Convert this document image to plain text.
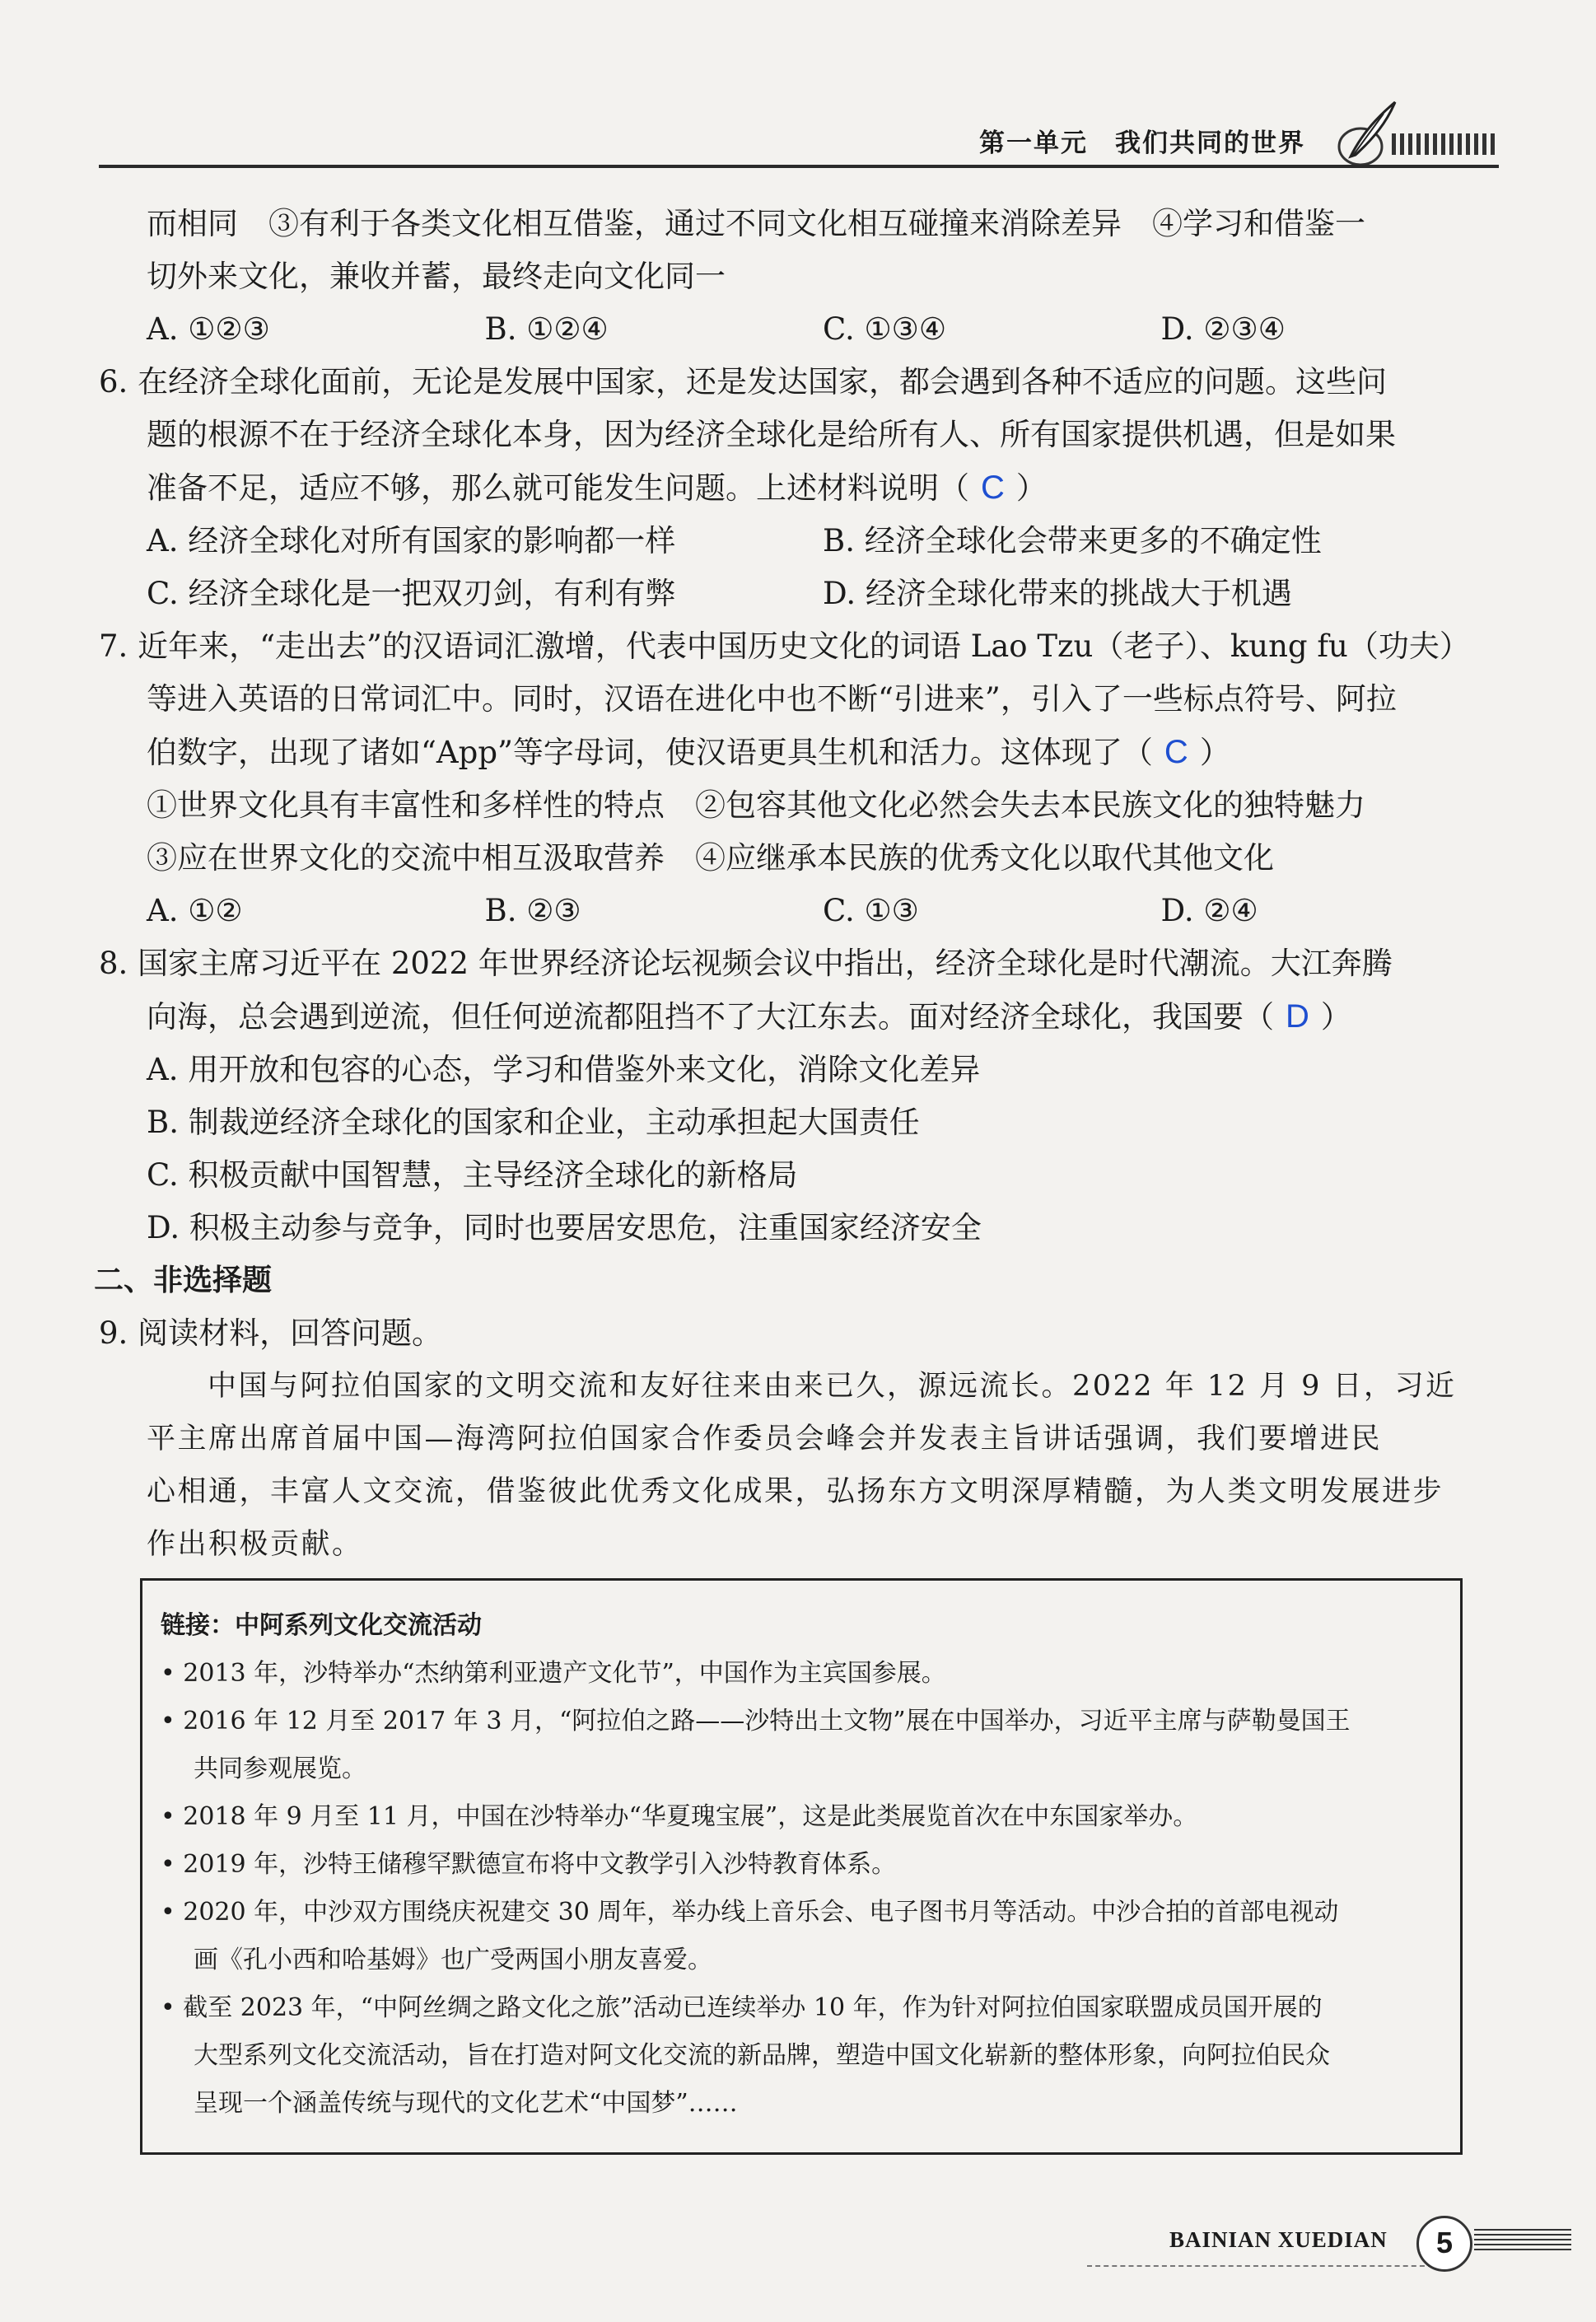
第一单元　我们共同的世界
而相同　③有利于各类文化相互借鉴，通过不同文化相互碰撞来消除差异　④学习和借鉴一
切外来文化，兼收并蓄，最终走向文化同一
A. ①②③	B. ①②④	C. ①③④	D. ②③④
6. 在经济全球化面前，无论是发展中国家，还是发达国家，都会遇到各种不适应的问题。这些问
题的根源不在于经济全球化本身，因为经济全球化是给所有人、所有国家提供机遇，但是如果
准备不足，适应不够，那么就可能发生问题。上述材料说明（ C ）
A. 经济全球化对所有国家的影响都一样	B. 经济全球化会带来更多的不确定性
C. 经济全球化是一把双刃剑，有利有弊	D. 经济全球化带来的挑战大于机遇
7. 近年来，“走出去”的汉语词汇激增，代表中国历史文化的词语 Lao Tzu（老子）、kung fu（功夫）
等进入英语的日常词汇中。同时，汉语在进化中也不断“引进来”，引入了一些标点符号、阿拉
伯数字，出现了诸如“App”等字母词，使汉语更具生机和活力。这体现了（ C ）
①世界文化具有丰富性和多样性的特点　②包容其他文化必然会失去本民族文化的独特魅力
③应在世界文化的交流中相互汲取营养　④应继承本民族的优秀文化以取代其他文化
A. ①②	B. ②③	C. ①③	D. ②④
8. 国家主席习近平在 2022 年世界经济论坛视频会议中指出，经济全球化是时代潮流。大江奔腾
向海，总会遇到逆流，但任何逆流都阻挡不了大江东去。面对经济全球化，我国要（ D ）
A. 用开放和包容的心态，学习和借鉴外来文化，消除文化差异
B. 制裁逆经济全球化的国家和企业，主动承担起大国责任
C. 积极贡献中国智慧，主导经济全球化的新格局
D. 积极主动参与竞争，同时也要居安思危，注重国家经济安全
二、非选择题
9. 阅读材料，回答问题。

中国与阿拉伯国家的文明交流和友好往来由来已久，源远流长。2022 年 12 月 9 日，习近

平主席出席首届中国—海湾阿拉伯国家合作委员会峰会并发表主旨讲话强调，我们要增进民

心相通，丰富人文交流，借鉴彼此优秀文化成果，弘扬东方文明深厚精髓，为人类文明发展进步

作出积极贡献。

链接：中阿系列文化交流活动
• 2013 年，沙特举办“杰纳第利亚遗产文化节”，中国作为主宾国参展。
• 2016 年 12 月至 2017 年 3 月，“阿拉伯之路——沙特出土文物”展在中国举办，习近平主席与萨勒曼国王
共同参观展览。
• 2018 年 9 月至 11 月，中国在沙特举办“华夏瑰宝展”，这是此类展览首次在中东国家举办。
• 2019 年，沙特王储穆罕默德宣布将中文教学引入沙特教育体系。
• 2020 年，中沙双方围绕庆祝建交 30 周年，举办线上音乐会、电子图书月等活动。中沙合拍的首部电视动
画《孔小西和哈基姆》也广受两国小朋友喜爱。
• 截至 2023 年，“中阿丝绸之路文化之旅”活动已连续举办 10 年，作为针对阿拉伯国家联盟成员国开展的
大型系列文化交流活动，旨在打造对阿文化交流的新品牌，塑造中国文化崭新的整体形象，向阿拉伯民众
呈现一个涵盖传统与现代的文化艺术“中国梦”……
BAINIAN XUEDIAN	5
